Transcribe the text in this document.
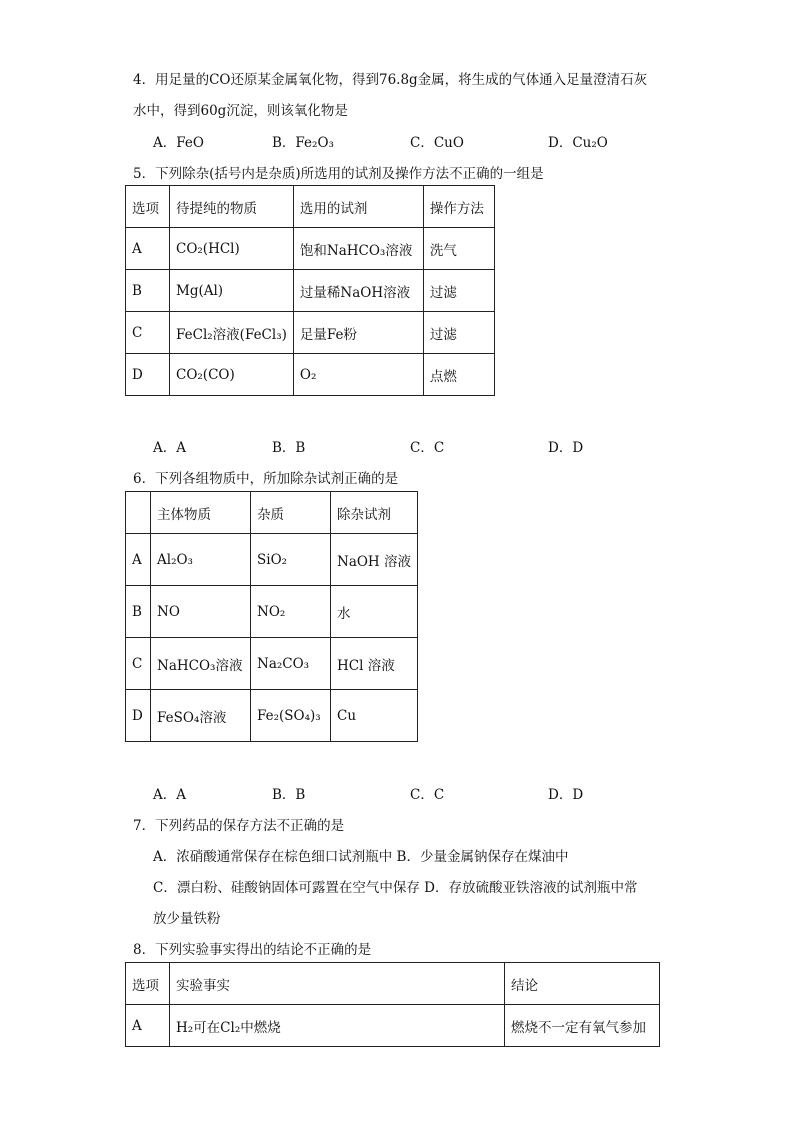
4．用足量的CO还原某金属氧化物，得到76.8g金属，将生成的气体通入足量澄清石灰
水中，得到60g沉淀，则该氧化物是
A．FeO	B．Fe₂O₃	C．CuO	D．Cu₂O
5．下列除杂(括号内是杂质)所选用的试剂及操作方法不正确的一组是
选项	待提纯的物质	选用的试剂	操作方法
A	CO₂(HCl)	饱和NaHCO₃溶液	洗气
B	Mg(Al)	过量稀NaOH溶液	过滤
C	FeCl₂溶液(FeCl₃)	足量Fe粉	过滤
D	CO₂(CO)	O₂	点燃
A．A	B．B	C．C	D．D
6．下列各组物质中，所加除杂试剂正确的是
	主体物质	杂质	除杂试剂
A	Al₂O₃	SiO₂	NaOH 溶液
B	NO	NO₂	水
C	NaHCO₃溶液	Na₂CO₃	HCl 溶液
D	FeSO₄溶液	Fe₂(SO₄)₃	Cu
A．A	B．B	C．C	D．D
7．下列药品的保存方法不正确的是
A．浓硝酸通常保存在棕色细口试剂瓶中 B．少量金属钠保存在煤油中
C．漂白粉、硅酸钠固体可露置在空气中保存 D．存放硫酸亚铁溶液的试剂瓶中常
放少量铁粉
8．下列实验事实得出的结论不正确的是
选项	实验事实	结论
A	H₂可在Cl₂中燃烧	燃烧不一定有氧气参加
